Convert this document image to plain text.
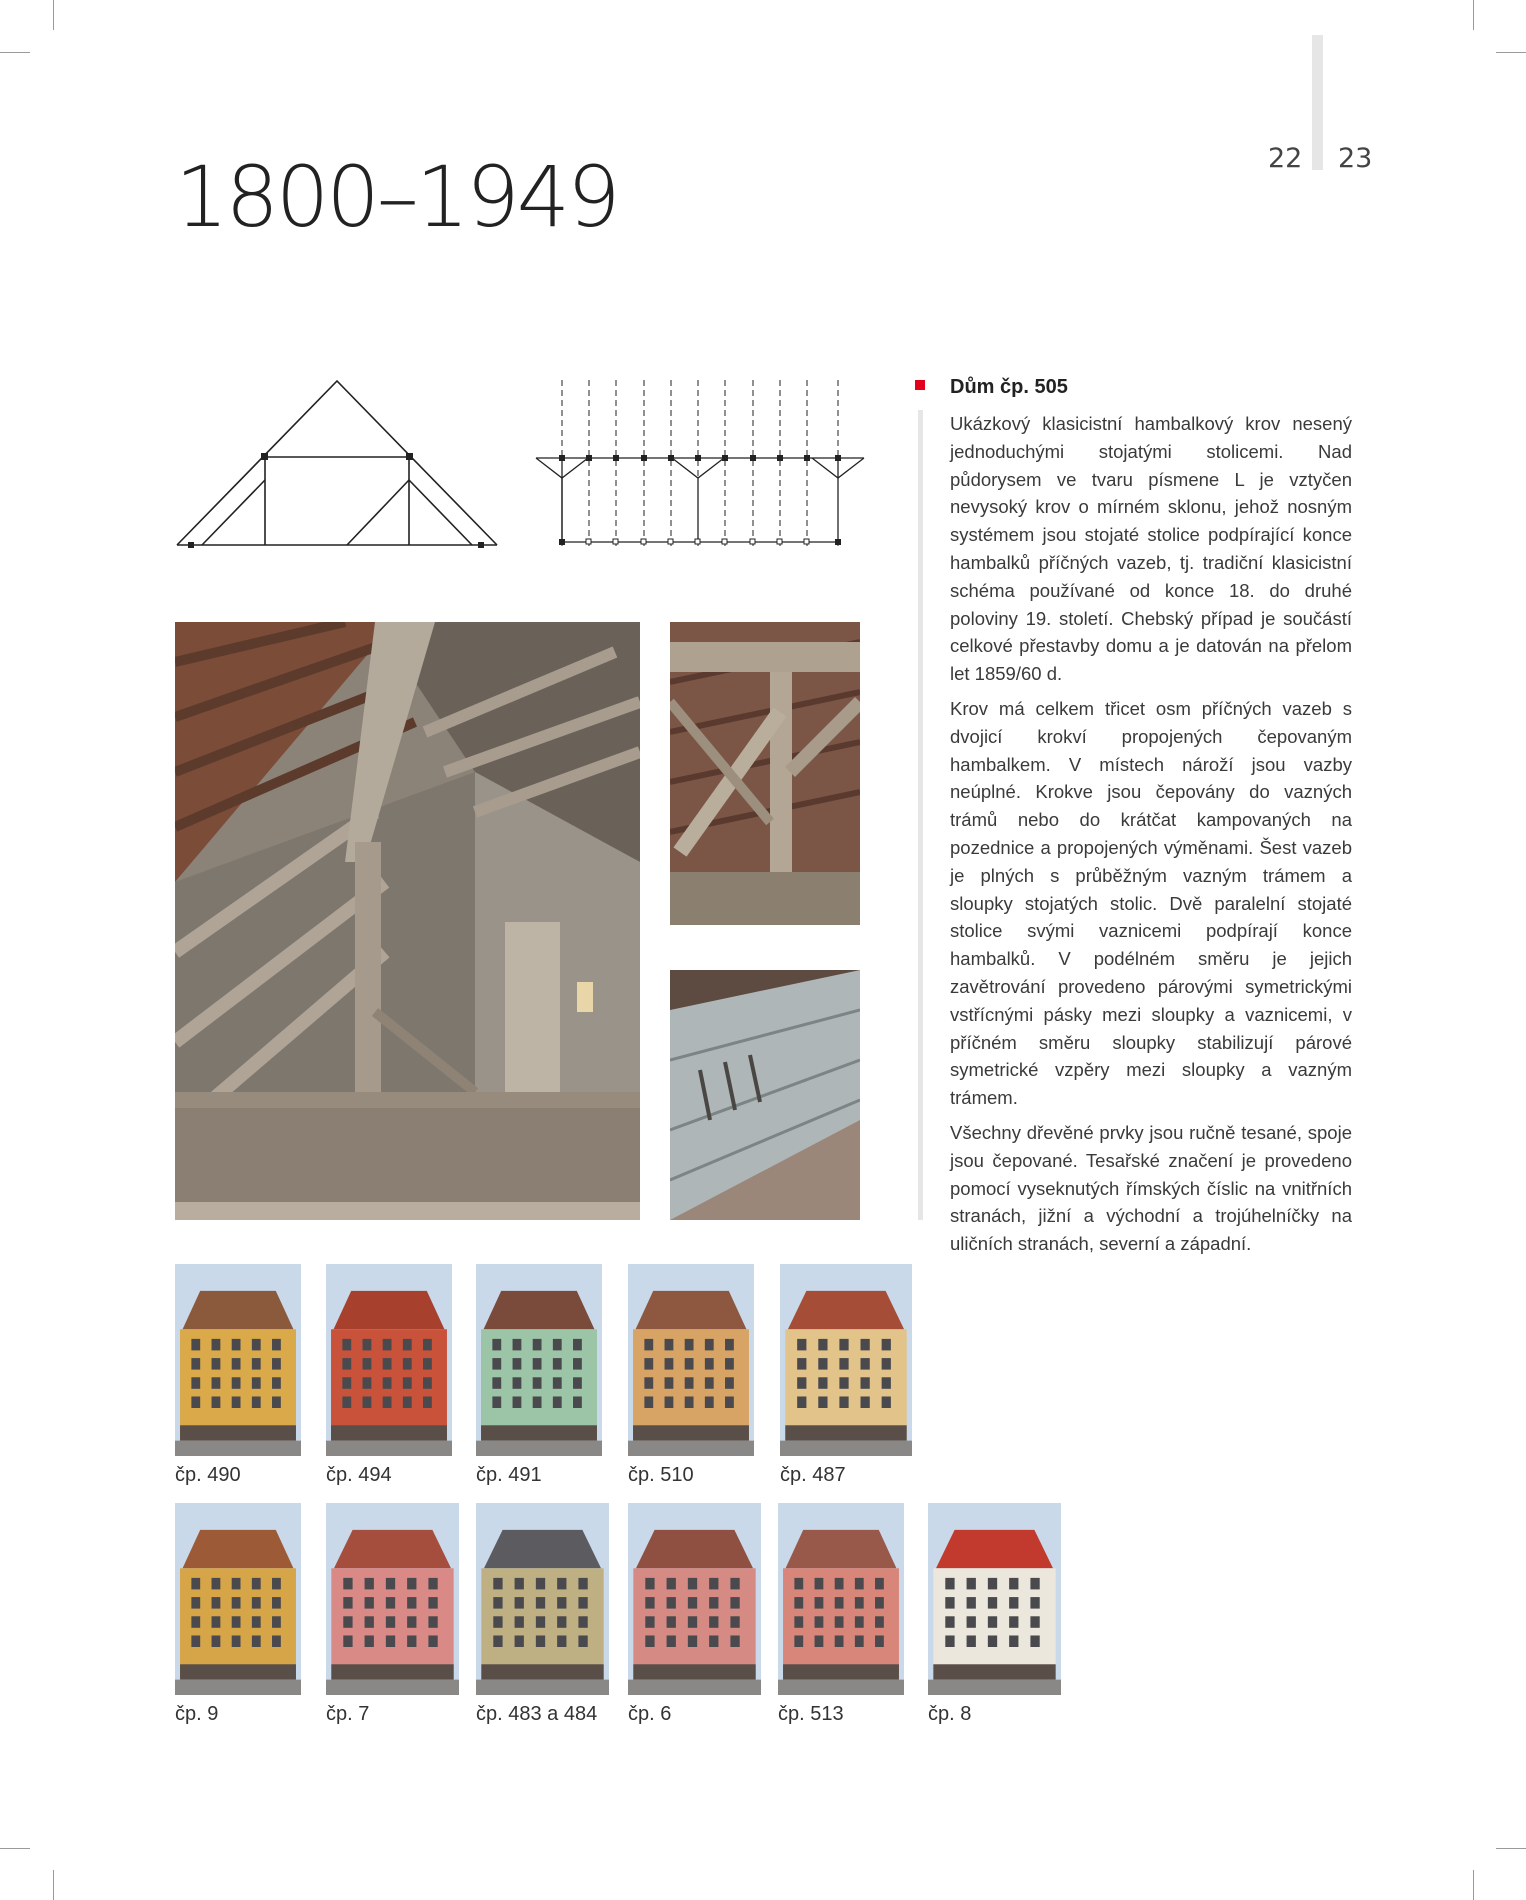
1800–1949	22 23
Dům čp. 505

Ukázkový klasicistní hambalkový krov nesený jednoduchými stojatými stolicemi. Nad půdorysem ve tvaru písmene L je vztyčen nevysoký krov o mírném sklonu, jehož nosným systémem jsou stojaté stolice podpírající konce hambalků příčných vazeb, tj. tradiční klasicistní schéma používané od konce 18. do druhé poloviny 19. století. Chebský případ je součástí celkové přestavby domu a je datován na přelom let 1859/60 d.

Krov má celkem třicet osm příčných vazeb s dvojicí krokví propojených čepovaným hambalkem. V místech nároží jsou vazby neúplné. Krokve jsou čepovány do vazných trámů nebo do krátčat kampovaných na pozednice a propojených výměnami. Šest vazeb je plných s průběžným vazným trámem a sloupky stojatých stolic. Dvě paralelní stojaté stolice svými vaznicemi podpírají konce hambalků. V podélném směru je jejich zavětrování provedeno párovými symetrickými vstřícnými pásky mezi sloupky a vaznicemi, v příčném směru sloupky stabilizují párové symetrické vzpěry mezi sloupky a vazným trámem.

Všechny dřevěné prvky jsou ručně tesané, spoje jsou čepované. Tesařské značení je provedeno pomocí vyseknutých římských číslic na vnitřních stranách, jižní a východní a trojúhelníčky na uličních stranách, severní a západní.

čp. 490	čp. 494	čp. 491	čp. 510	čp. 487
čp. 9	čp. 7	čp. 483 a 484 čp. 6	čp. 513	čp. 8
